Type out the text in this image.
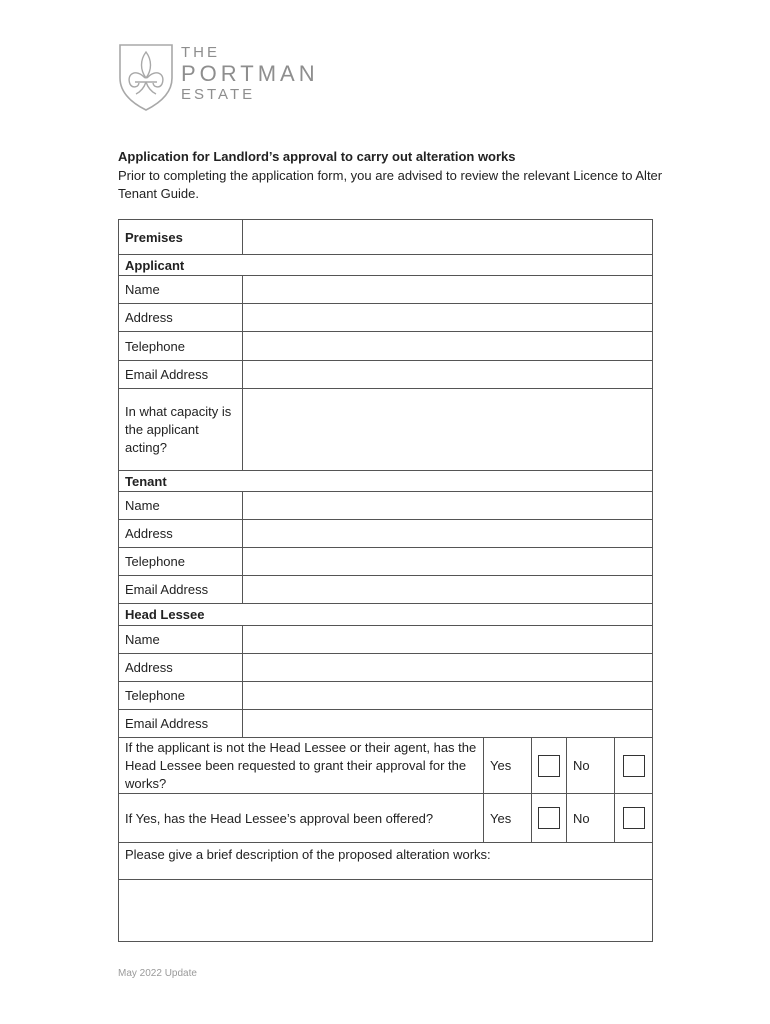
THE
PORTMAN
ESTATE
Application for Landlord’s approval to carry out alteration works
Prior to completing the application form, you are advised to review the relevant Licence to Alter Tenant Guide.
Premises					
Applicant					
Name					
Address					
Telephone					
Email Address					
In what capacity is the applicant acting?					
Tenant					
Name					
Address					
Telephone					
Email Address					
Head Lessee					
Name					
Address					
Telephone					
Email Address					
If the applicant is not the Head Lessee or their agent, has the Head Lessee been requested to grant their approval for the works?		Yes		No	
If Yes, has the Head Lessee’s approval been offered?		Yes		No	
Please give a brief description of the proposed alteration works:					

May 2022 Update
